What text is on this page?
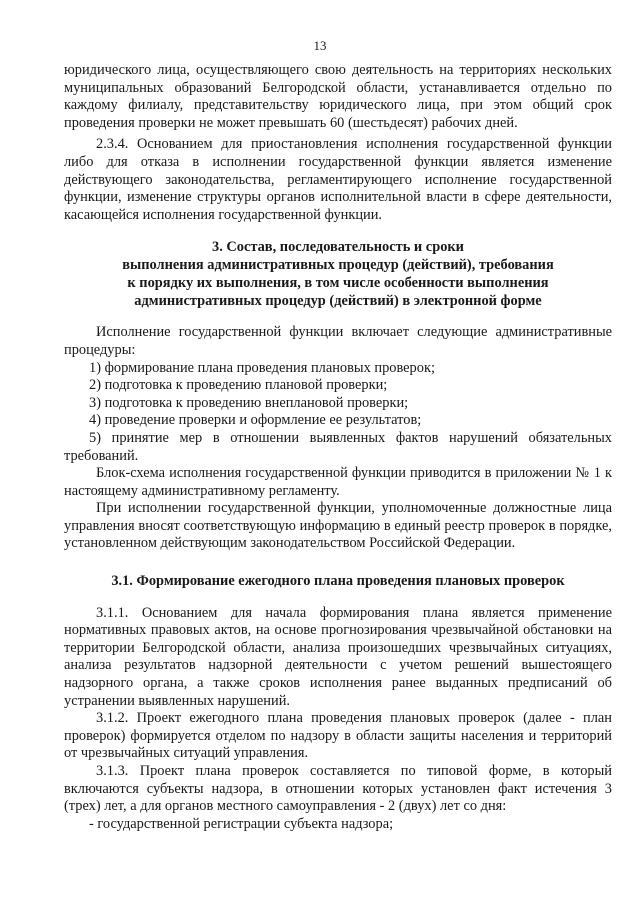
13

юридического лица, осуществляющего свою деятельность на территориях нескольких муниципальных образований Белгородской области, устанавливается отдельно по каждому филиалу, представительству юридического лица, при этом общий срок проведения проверки не может превышать 60 (шестьдесят) рабочих дней.

2.3.4. Основанием для приостановления исполнения государственной функции либо для отказа в исполнении государственной функции является изменение действующего законодательства, регламентирующего исполнение государственной функции, изменение структуры органов исполнительной власти в сфере деятельности, касающейся исполнения государственной функции.

3. Состав, последовательность и сроки
выполнения административных процедур (действий), требования
к порядку их выполнения, в том числе особенности выполнения
административных процедур (действий) в электронной форме

Исполнение государственной функции включает следующие административные процедуры:

1) формирование плана проведения плановых проверок;

2) подготовка к проведению плановой проверки;

3) подготовка к проведению внеплановой проверки;

4) проведение проверки и оформление ее результатов;

5) принятие мер в отношении выявленных фактов нарушений обязательных требований.

Блок-схема исполнения государственной функции приводится в приложении № 1 к настоящему административному регламенту.

При исполнении государственной функции, уполномоченные должностные лица управления вносят соответствующую информацию в единый реестр проверок в порядке, установленном действующим законодательством Российской Федерации.

3.1. Формирование ежегодного плана проведения плановых проверок

3.1.1. Основанием для начала формирования плана является применение нормативных правовых актов, на основе прогнозирования чрезвычайной обстановки на территории Белгородской области, анализа произошедших чрезвычайных ситуациях, анализа результатов надзорной деятельности с учетом решений вышестоящего надзорного органа, а также сроков исполнения ранее выданных предписаний об устранении выявленных нарушений.

3.1.2. Проект ежегодного плана проведения плановых проверок (далее - план проверок) формируется отделом по надзору в области защиты населения и территорий от чрезвычайных ситуаций управления.

3.1.3. Проект плана проверок составляется по типовой форме, в который включаются субъекты надзора, в отношении которых установлен факт истечения 3 (трех) лет, а для органов местного самоуправления - 2 (двух) лет со дня:

- государственной регистрации субъекта надзора;
